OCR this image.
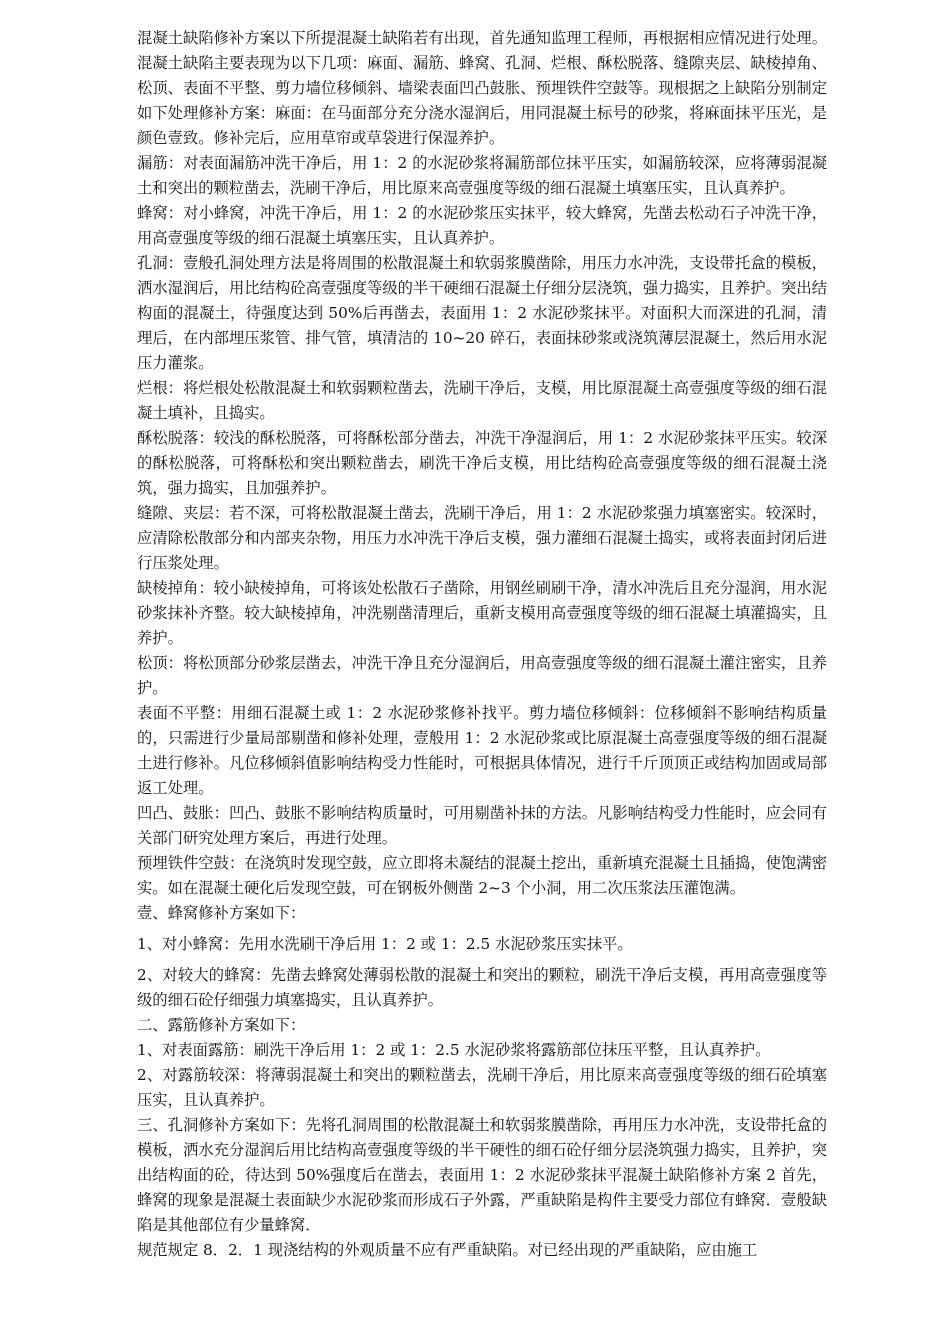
混凝土缺陷修补方案以下所提混凝土缺陷若有出现，首先通知监理工程师，再根据相应情况进行处理。混凝土缺陷主要表现为以下几项：麻面、漏筋、蜂窝、孔洞、烂根、酥松脱落、缝隙夹层、缺棱掉角、松顶、表面不平整、剪力墙位移倾斜、墙梁表面凹凸鼓胀、预埋铁件空鼓等。现根据之上缺陷分别制定如下处理修补方案：麻面：在马面部分充分浇水湿润后，用同混凝土标号的砂浆，将麻面抹平压光，是颜色壹致。修补完后，应用草帘或草袋进行保湿养护。

漏筋：对表面漏筋冲洗干净后，用 1：2 的水泥砂浆将漏筋部位抹平压实，如漏筋较深，应将薄弱混凝土和突出的颗粒凿去，洗刷干净后，用比原来高壹强度等级的细石混凝土填塞压实，且认真养护。

蜂窝：对小蜂窝，冲洗干净后，用 1：2 的水泥砂浆压实抹平，较大蜂窝，先凿去松动石子冲洗干净，用高壹强度等级的细石混凝土填塞压实，且认真养护。

孔洞：壹般孔洞处理方法是将周围的松散混凝土和软弱浆膜凿除，用压力水冲洗，支设带托盒的模板，洒水湿润后，用比结构砼高壹强度等级的半干硬细石混凝土仔细分层浇筑，强力捣实，且养护。突出结构面的混凝土，待强度达到 50%后再凿去，表面用 1：2 水泥砂浆抹平。对面积大而深进的孔洞，清理后，在内部埋压浆管、排气管，填清洁的 10~20 碎石，表面抹砂浆或浇筑薄层混凝土，然后用水泥压力灌浆。

烂根：将烂根处松散混凝土和软弱颗粒凿去，洗刷干净后，支模，用比原混凝土高壹强度等级的细石混凝土填补，且捣实。

酥松脱落：较浅的酥松脱落，可将酥松部分凿去，冲洗干净湿润后，用 1：2 水泥砂浆抹平压实。较深的酥松脱落，可将酥松和突出颗粒凿去，刷洗干净后支模，用比结构砼高壹强度等级的细石混凝土浇筑，强力捣实，且加强养护。

缝隙、夹层：若不深，可将松散混凝土凿去，洗刷干净后，用 1：2 水泥砂浆强力填塞密实。较深时，应清除松散部分和内部夹杂物，用压力水冲洗干净后支模，强力灌细石混凝土捣实，或将表面封闭后进行压浆处理。

缺棱掉角：较小缺棱掉角，可将该处松散石子凿除，用钢丝刷刷干净，清水冲洗后且充分湿润，用水泥砂浆抹补齐整。较大缺棱掉角，冲洗剔凿清理后，重新支模用高壹强度等级的细石混凝土填灌捣实，且养护。

松顶：将松顶部分砂浆层凿去，冲洗干净且充分湿润后，用高壹强度等级的细石混凝土灌注密实，且养护。

表面不平整：用细石混凝土或 1：2 水泥砂浆修补找平。剪力墙位移倾斜：位移倾斜不影响结构质量的，只需进行少量局部剔凿和修补处理，壹般用 1：2 水泥砂浆或比原混凝土高壹强度等级的细石混凝土进行修补。凡位移倾斜值影响结构受力性能时，可根据具体情况，进行千斤顶顶正或结构加固或局部返工处理。

凹凸、鼓胀：凹凸、鼓胀不影响结构质量时，可用剔凿补抹的方法。凡影响结构受力性能时，应会同有关部门研究处理方案后，再进行处理。

预埋铁件空鼓：在浇筑时发现空鼓，应立即将未凝结的混凝土挖出，重新填充混凝土且插捣，使饱满密实。如在混凝土硬化后发现空鼓，可在钢板外侧凿 2~3 个小洞，用二次压浆法压灌饱满。

壹、蜂窝修补方案如下：

1、对小蜂窝：先用水洗刷干净后用 1：2 或 1：2.5 水泥砂浆压实抹平。

2、对较大的蜂窝：先凿去蜂窝处薄弱松散的混凝土和突出的颗粒，刷洗干净后支模，再用高壹强度等级的细石砼仔细强力填塞捣实，且认真养护。

二、露筋修补方案如下：

1、对表面露筋：刷洗干净后用 1：2 或 1：2.5 水泥砂浆将露筋部位抹压平整，且认真养护。

2、对露筋较深：将薄弱混凝土和突出的颗粒凿去，洗刷干净后，用比原来高壹强度等级的细石砼填塞压实，且认真养护。

三、孔洞修补方案如下：先将孔洞周围的松散混凝土和软弱浆膜凿除，再用压力水冲洗，支设带托盒的模板，洒水充分湿润后用比结构高壹强度等级的半干硬性的细石砼仔细分层浇筑强力捣实，且养护，突出结构面的砼，待达到 50%强度后在凿去，表面用 1：2 水泥砂浆抹平混凝土缺陷修补方案 2 首先，蜂窝的现象是混凝土表面缺少水泥砂浆而形成石子外露，严重缺陷是构件主要受力部位有蜂窝．壹般缺陷是其他部位有少量蜂窝．

规范规定 8．2．1 现浇结构的外观质量不应有严重缺陷。对已经出现的严重缺陷，应由施工
